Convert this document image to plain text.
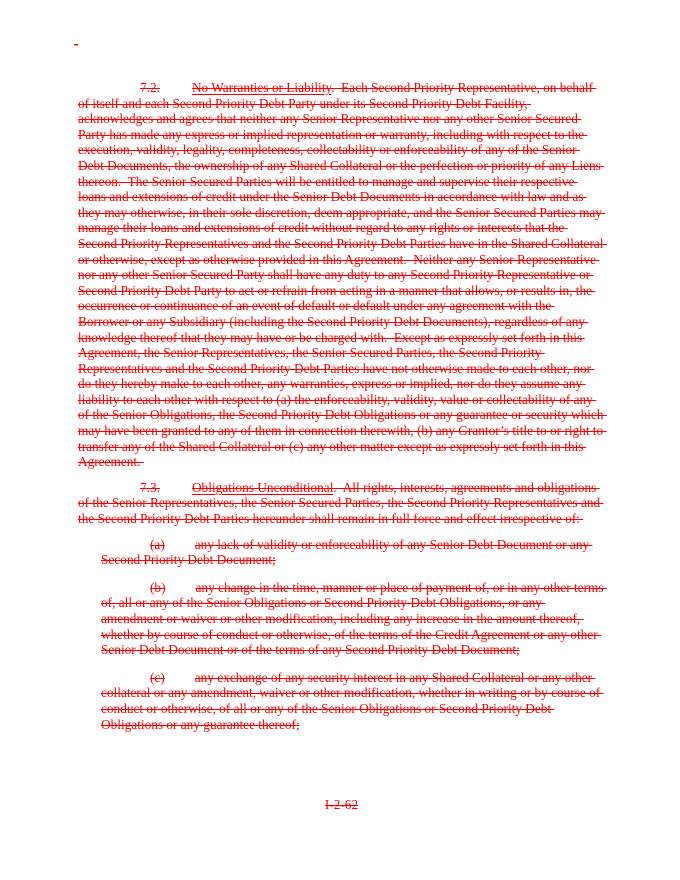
-

7.2. No Warranties or Liability.  Each Second Priority Representative, on behalf of itself and each Second Priority Debt Party under its Second Priority Debt Facility, acknowledges and agrees that neither any Senior Representative nor any other Senior Secured Party has made any express or implied representation or warranty, including with respect to the execution, validity, legality, completeness, collectability or enforceability of any of the Senior Debt Documents, the ownership of any Shared Collateral or the perfection or priority of any Liens thereon.  The Senior Secured Parties will be entitled to manage and supervise their respective loans and extensions of credit under the Senior Debt Documents in accordance with law and as they may otherwise, in their sole discretion, deem appropriate, and the Senior Secured Parties may manage their loans and extensions of credit without regard to any rights or interests that the Second Priority Representatives and the Second Priority Debt Parties have in the Shared Collateral or otherwise, except as otherwise provided in this Agreement.  Neither any Senior Representative nor any other Senior Secured Party shall have any duty to any Second Priority Representative or Second Priority Debt Party to act or refrain from acting in a manner that allows, or results in, the occurrence or continuance of an event of default or default under any agreement with the Borrower or any Subsidiary (including the Second Priority Debt Documents), regardless of any knowledge thereof that they may have or be charged with.  Except as expressly set forth in this Agreement, the Senior Representatives, the Senior Secured Parties, the Second Priority Representatives and the Second Priority Debt Parties have not otherwise made to each other, nor do they hereby make to each other, any warranties, express or implied, nor do they assume any liability to each other with respect to (a) the enforceability, validity, value or collectability of any of the Senior Obligations, the Second Priority Debt Obligations or any guarantee or security which may have been granted to any of them in connection therewith, (b) any Grantor’s title to or right to transfer any of the Shared Collateral or (c) any other matter except as expressly set forth in this Agreement.

7.3. Obligations Unconditional.  All rights, interests, agreements and obligations of the Senior Representatives, the Senior Secured Parties, the Second Priority Representatives and the Second Priority Debt Parties hereunder shall remain in full force and effect irrespective of:

(a) any lack of validity or enforceability of any Senior Debt Document or any Second Priority Debt Document;

(b) any change in the time, manner or place of payment of, or in any other terms of, all or any of the Senior Obligations or Second Priority Debt Obligations, or any amendment or waiver or other modification, including any increase in the amount thereof, whether by course of conduct or otherwise, of the terms of the Credit Agreement or any other Senior Debt Document or of the terms of any Second Priority Debt Document;

(c) any exchange of any security interest in any Shared Collateral or any other collateral or any amendment, waiver or other modification, whether in writing or by course of conduct or otherwise, of all or any of the Senior Obligations or Second Priority Debt Obligations or any guarantee thereof;

I-2-62
